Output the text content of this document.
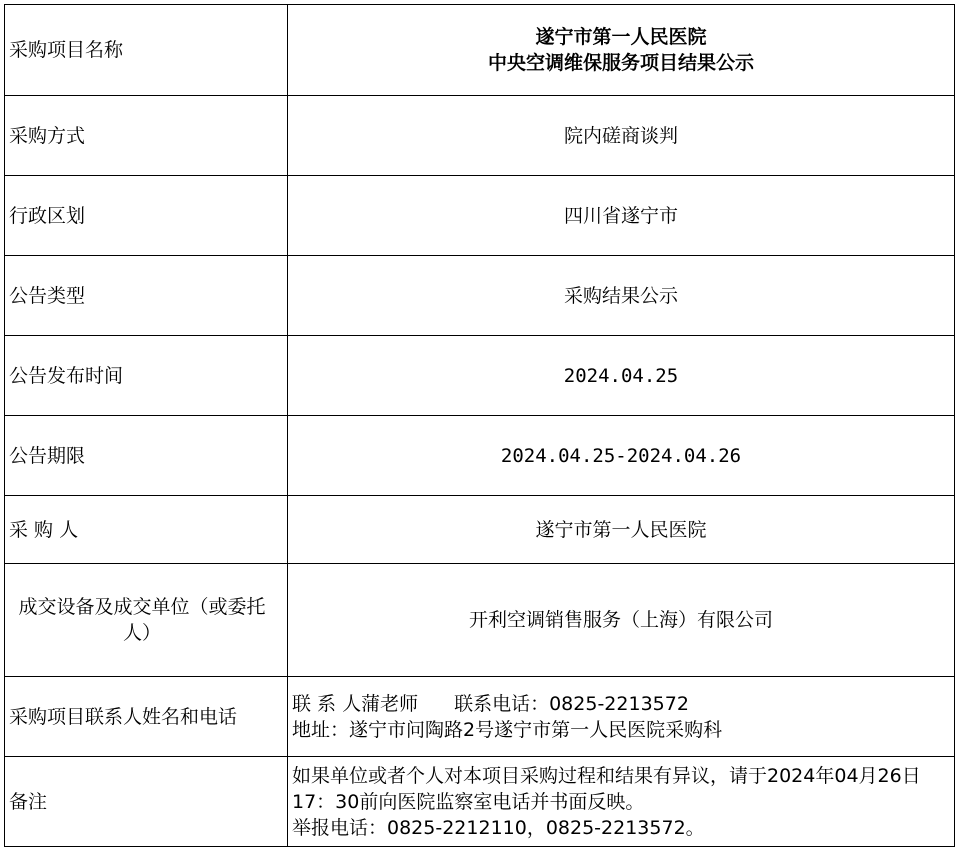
采购项目名称	遂宁市第一人民医院
中央空调维保服务项目结果公示

采购方式	院内磋商谈判
行政区划	四川省遂宁市
公告类型	采购结果公示
公告发布时间	2024.04.25
公告期限	2024.04.25-2024.04.26
采 购 人	遂宁市第一人民医院
成交设备及成交单位（或委托人）	开利空调销售服务（上海）有限公司
采购项目联系人姓名和电话	联 系 人蒲老师 联系电话：0825-2213572
地址：遂宁市问陶路2号遂宁市第一人民医院采购科

备注	如果单位或者个人对本项目采购过程和结果有异议，请于2024年04月26日17：30前向医院监察室电话并书面反映。
举报电话：0825-2212110，0825-2213572。
